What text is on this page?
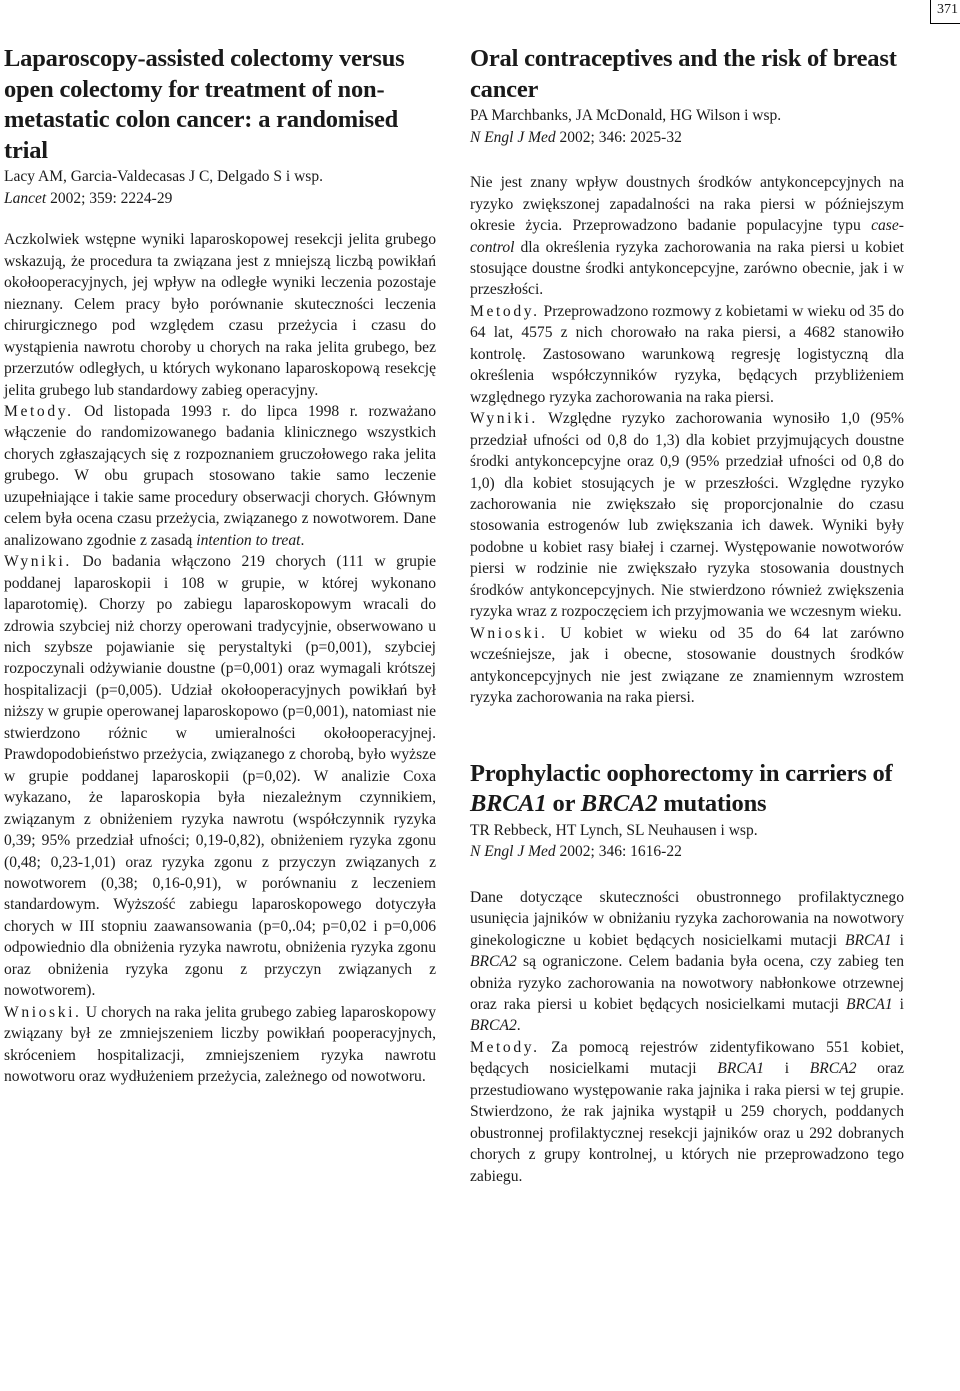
371
Laparoscopy-assisted colectomy versus open colectomy for treatment of non-metastatic colon cancer: a randomised trial
Lacy AM, Garcia-Valdecasas J C, Delgado S i wsp.
Lancet 2002; 359: 2224-29

Aczkolwiek wstępne wyniki laparoskopowej resekcji jelita grubego wskazują, że procedura ta związana jest z mniejszą liczbą powikłań okołooperacyjnych, jej wpływ na odległe wyniki leczenia pozostaje nieznany. Celem pracy było porównanie skuteczności leczenia chirurgicznego pod względem czasu przeżycia i czasu do wystąpienia nawrotu choroby u chorych na raka jelita grubego, bez przerzutów odległych, u których wykonano laparoskopową resekcję jelita grubego lub standardowy zabieg operacyjny.

Metody. Od listopada 1993 r. do lipca 1998 r. rozważano włączenie do randomizowanego badania klinicznego wszystkich chorych zgłaszających się z rozpoznaniem gruczołowego raka jelita grubego. W obu grupach stosowano takie samo leczenie uzupełniające i takie same procedury obserwacji chorych. Głównym celem była ocena czasu przeżycia, związanego z nowotworem. Dane analizowano zgodnie z zasadą intention to treat.

Wyniki. Do badania włączono 219 chorych (111 w grupie poddanej laparoskopii i 108 w grupie, w której wykonano laparotomię). Chorzy po zabiegu laparoskopowym wracali do zdrowia szybciej niż chorzy operowani tradycyjnie, obserwowano u nich szybsze pojawianie się perystaltyki (p=0,001), szybciej rozpoczynali odżywianie doustne (p=0,001) oraz wymagali krótszej hospitalizacji (p=0,005). Udział okołooperacyjnych powikłań był niższy w grupie operowanej laparoskopowo (p=0,001), natomiast nie stwierdzono różnic w umieralności okołooperacyjnej. Prawdopodobieństwo przeżycia, związanego z chorobą, było wyższe w grupie poddanej laparoskopii (p=0,02). W analizie Coxa wykazano, że laparoskopia była niezależnym czynnikiem, związanym z obniżeniem ryzyka nawrotu (współczynnik ryzyka 0,39; 95% przedział ufności; 0,19-0,82), obniżeniem ryzyka zgonu (0,48; 0,23-1,01) oraz ryzyka zgonu z przyczyn związanych z nowotworem (0,38; 0,16-0,91), w porównaniu z leczeniem standardowym. Wyższość zabiegu laparoskopowego dotyczyła chorych w III stopniu zaawansowania (p=0,.04; p=0,02 i p=0,006 odpowiednio dla obniżenia ryzyka nawrotu, obniżenia ryzyka zgonu oraz obniżenia ryzyka zgonu z przyczyn związanych z nowotworem).

Wnioski. U chorych na raka jelita grubego zabieg laparoskopowy związany był ze zmniejszeniem liczby powikłań pooperacyjnych, skróceniem hospitalizacji, zmniejszeniem ryzyka nawrotu nowotworu oraz wydłużeniem przeżycia, zależnego od nowotworu.

Oral contraceptives and the risk of breast cancer
PA Marchbanks, JA McDonald, HG Wilson i wsp.
N Engl J Med 2002; 346: 2025-32

Nie jest znany wpływ doustnych środków antykoncepcyjnych na ryzyko zwiększonej zapadalności na raka piersi w późniejszym okresie życia. Przeprowadzono badanie populacyjne typu case-control dla określenia ryzyka zachorowania na raka piersi u kobiet stosujące doustne środki antykoncepcyjne, zarówno obecnie, jak i w przeszłości.

Metody. Przeprowadzono rozmowy z kobietami w wieku od 35 do 64 lat, 4575 z nich chorowało na raka piersi, a 4682 stanowiło kontrolę. Zastosowano warunkową regresję logistyczną dla określenia współczynników ryzyka, będących przybliżeniem względnego ryzyka zachorowania na raka piersi.

Wyniki. Względne ryzyko zachorowania wynosiło 1,0 (95% przedział ufności od 0,8 do 1,3) dla kobiet przyjmujących doustne środki antykoncepcyjne oraz 0,9 (95% przedział ufności od 0,8 do 1,0) dla kobiet stosujących je w przeszłości. Względne ryzyko zachorowania nie zwiększało się proporcjonalnie do czasu stosowania estrogenów lub zwiększania ich dawek. Wyniki były podobne u kobiet rasy białej i czarnej. Występowanie nowotworów piersi w rodzinie nie zwiększało ryzyka stosowania doustnych środków antykoncepcyjnych. Nie stwierdzono również zwiększenia ryzyka wraz z rozpoczęciem ich przyjmowania we wczesnym wieku.

Wnioski. U kobiet w wieku od 35 do 64 lat zarówno wcześniejsze, jak i obecne, stosowanie doustnych środków antykoncepcyjnych nie jest związane ze znamiennym wzrostem ryzyka zachorowania na raka piersi.

Prophylactic oophorectomy in carriers of BRCA1 or BRCA2 mutations
TR Rebbeck, HT Lynch, SL Neuhausen i wsp.
N Engl J Med 2002; 346: 1616-22

Dane dotyczące skuteczności obustronnego profilaktycznego usunięcia jajników w obniżaniu ryzyka zachorowania na nowotwory ginekologiczne u kobiet będących nosicielkami mutacji BRCA1 i BRCA2 są ograniczone. Celem badania była ocena, czy zabieg ten obniża ryzyko zachorowania na nowotwory nabłonkowe otrzewnej oraz raka piersi u kobiet będących nosicielkami mutacji BRCA1 i BRCA2.

Metody. Za pomocą rejestrów zidentyfikowano 551 kobiet, będących nosicielkami mutacji BRCA1 i BRCA2 oraz przestudiowano występowanie raka jajnika i raka piersi w tej grupie. Stwierdzono, że rak jajnika wystąpił u 259 chorych, poddanych obustronnej profilaktycznej resekcji jajników oraz u 292 dobranych chorych z grupy kontrolnej, u których nie przeprowadzono tego zabiegu.
